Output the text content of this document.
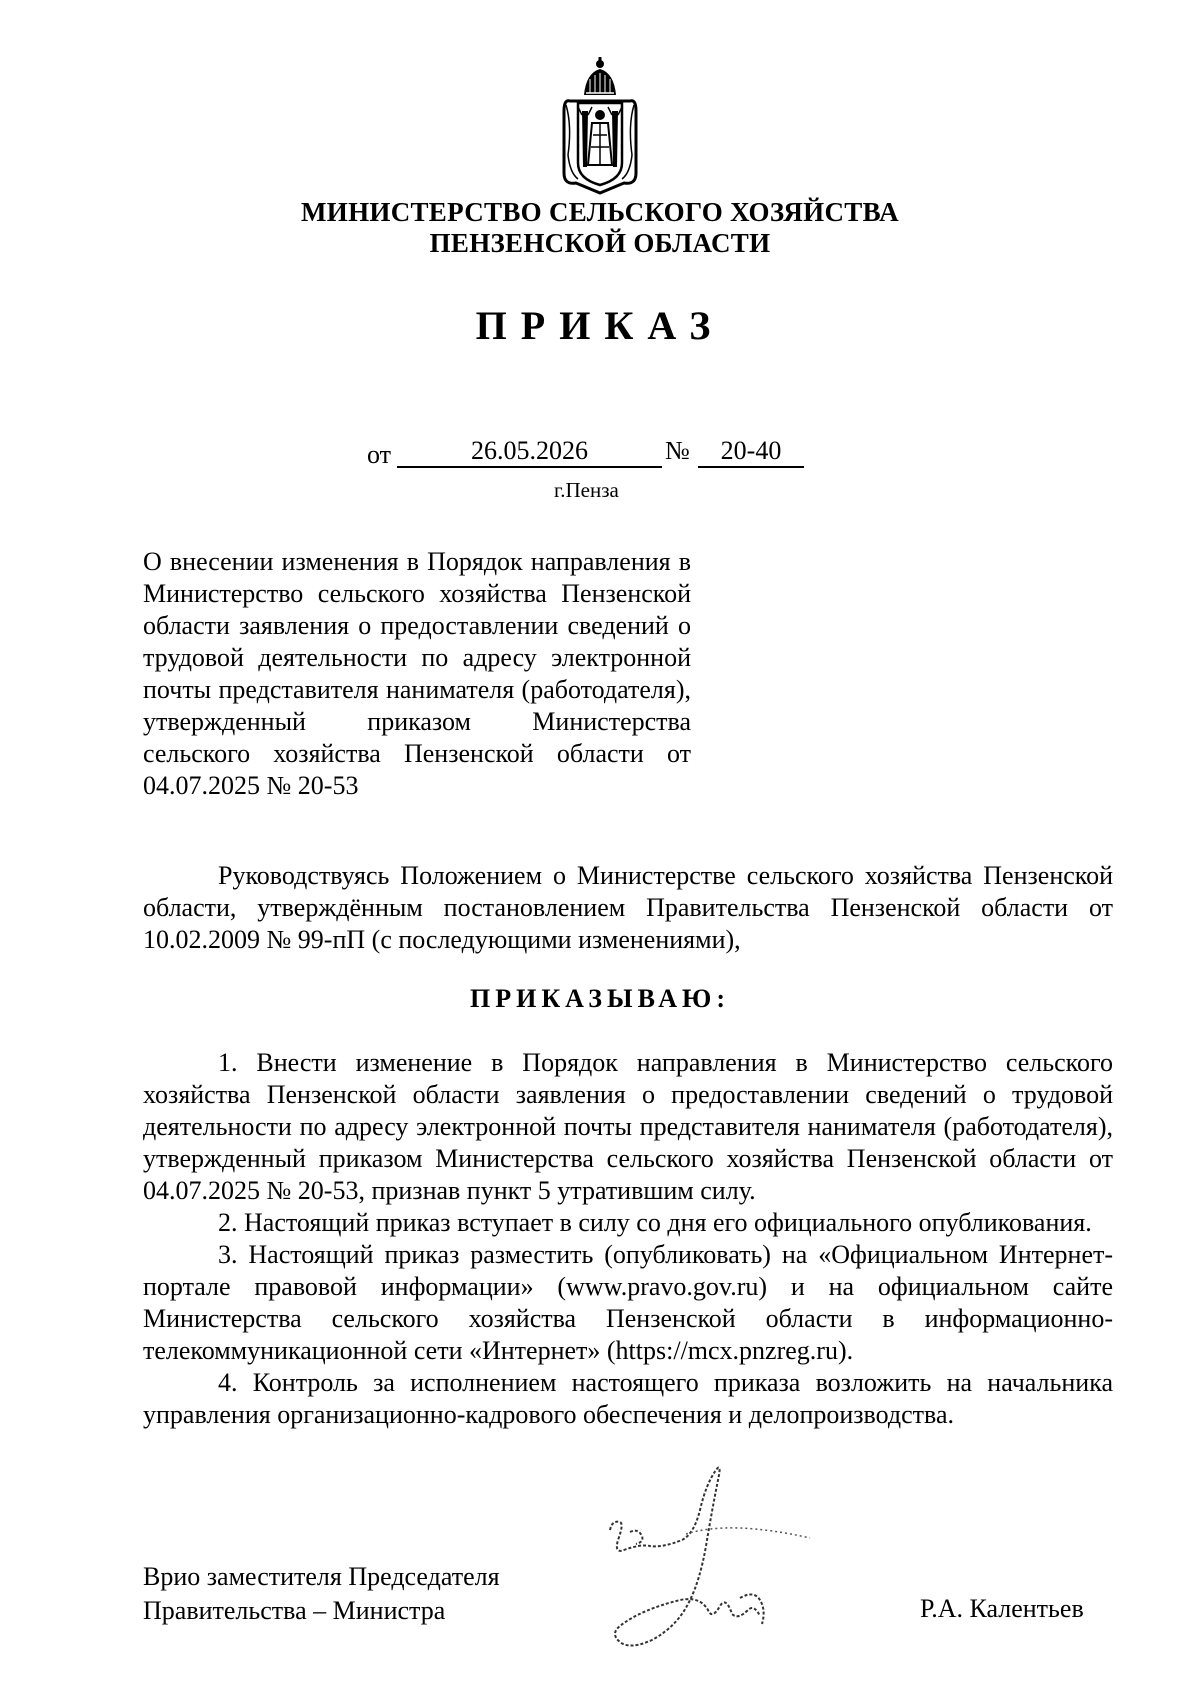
МИНИСТЕРСТВО СЕЛЬСКОГО ХОЗЯЙСТВА
ПЕНЗЕНСКОЙ ОБЛАСТИ
ПРИКАЗ
от	26.05.2026	№	20-40
г.Пенза
О внесении изменения в Порядок направления в Министерство сельского хозяйства Пензенской области заявления о предоставлении сведений о трудовой деятельности по адресу электронной почты представителя нанимателя (работодателя), утвержденный приказом Министерства сельского хозяйства Пензенской области от 04.07.2025 № 20-53
Руководствуясь Положением о Министерстве сельского хозяйства Пензенской области, утверждённым постановлением Правительства Пензенской области от 10.02.2009 № 99-пП (с последующими изменениями),
ПРИКАЗЫВАЮ:

1. Внести изменение в Порядок направления в Министерство сельского хозяйства Пензенской области заявления о предоставлении сведений о трудовой деятельности по адресу электронной почты представителя нанимателя (работодателя), утвержденный приказом Министерства сельского хозяйства Пензенской области от 04.07.2025 № 20-53, признав пункт 5 утратившим силу.

2. Настоящий приказ вступает в силу со дня его официального опубликования.

3. Настоящий приказ разместить (опубликовать) на «Официальном Интернет-портале правовой информации» (www.pravo.gov.ru) и на официальном сайте Министерства сельского хозяйства Пензенской области в информационно-телекоммуникационной сети «Интернет» (https://mcx.pnzreg.ru).

4. Контроль за исполнением настоящего приказа возложить на начальника управления организационно-кадрового обеспечения и делопроизводства.

Врио заместителя Председателя
Правительства – Министра	Р.А. Калентьев
